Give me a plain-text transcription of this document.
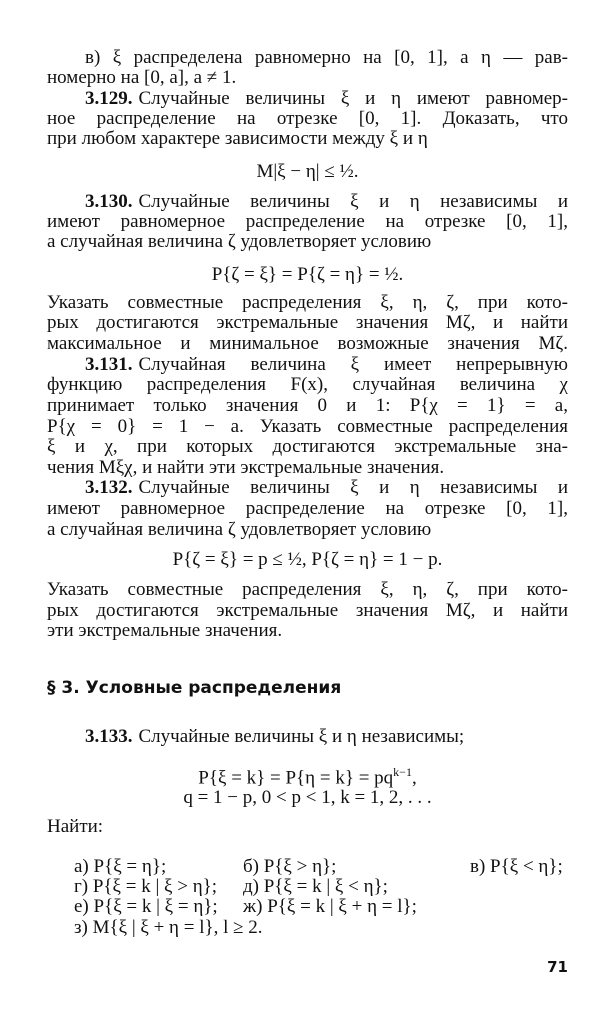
в) ξ распределена равномерно на [0, 1], а η — рав-
номерно на [0, a], a ≠ 1.
3.129. Случайные величины ξ и η имеют равномер-
ное распределение на отрезке [0, 1]. Доказать, что
при любом характере зависимости между ξ и η
M|ξ − η| ≤ ½.
3.130. Случайные величины ξ и η независимы и
имеют равномерное распределение на отрезке [0, 1],
а случайная величина ζ удовлетворяет условию
P{ζ = ξ} = P{ζ = η} = ½.
Указать совместные распределения ξ, η, ζ, при кото-
рых достигаются экстремальные значения Mζ, и найти
максимальное и минимальное возможные значения Mζ.
3.131. Случайная величина ξ имеет непрерывную
функцию распределения F(x), случайная величина χ
принимает только значения 0 и 1: P{χ = 1} = a,
P{χ = 0} = 1 − a. Указать совместные распределения
ξ и χ, при которых достигаются экстремальные зна-
чения Mξχ, и найти эти экстремальные значения.
3.132. Случайные величины ξ и η независимы и
имеют равномерное распределение на отрезке [0, 1],
а случайная величина ζ удовлетворяет условию
P{ζ = ξ} = p ≤ ½, P{ζ = η} = 1 − p.
Указать совместные распределения ξ, η, ζ, при кото-
рых достигаются экстремальные значения Mζ, и найти
эти экстремальные значения.
§ 3. Условные распределения
3.133. Случайные величины ξ и η независимы;
$P\{\xi = k\} = P\{\eta = k\} = pq^{k-1}$,
q = 1 − p, 0 < p < 1, k = 1, 2, . . .
Найти:
а) P{ξ = η};	б) P{ξ > η};	в) P{ξ < η};
г) P{ξ = k | ξ > η}; д) P{ξ = k | ξ < η};
е) P{ξ = k | ξ = η}; ж) P{ξ = k | ξ + η = l};
з) M{ξ | ξ + η = l}, l ≥ 2.
71
